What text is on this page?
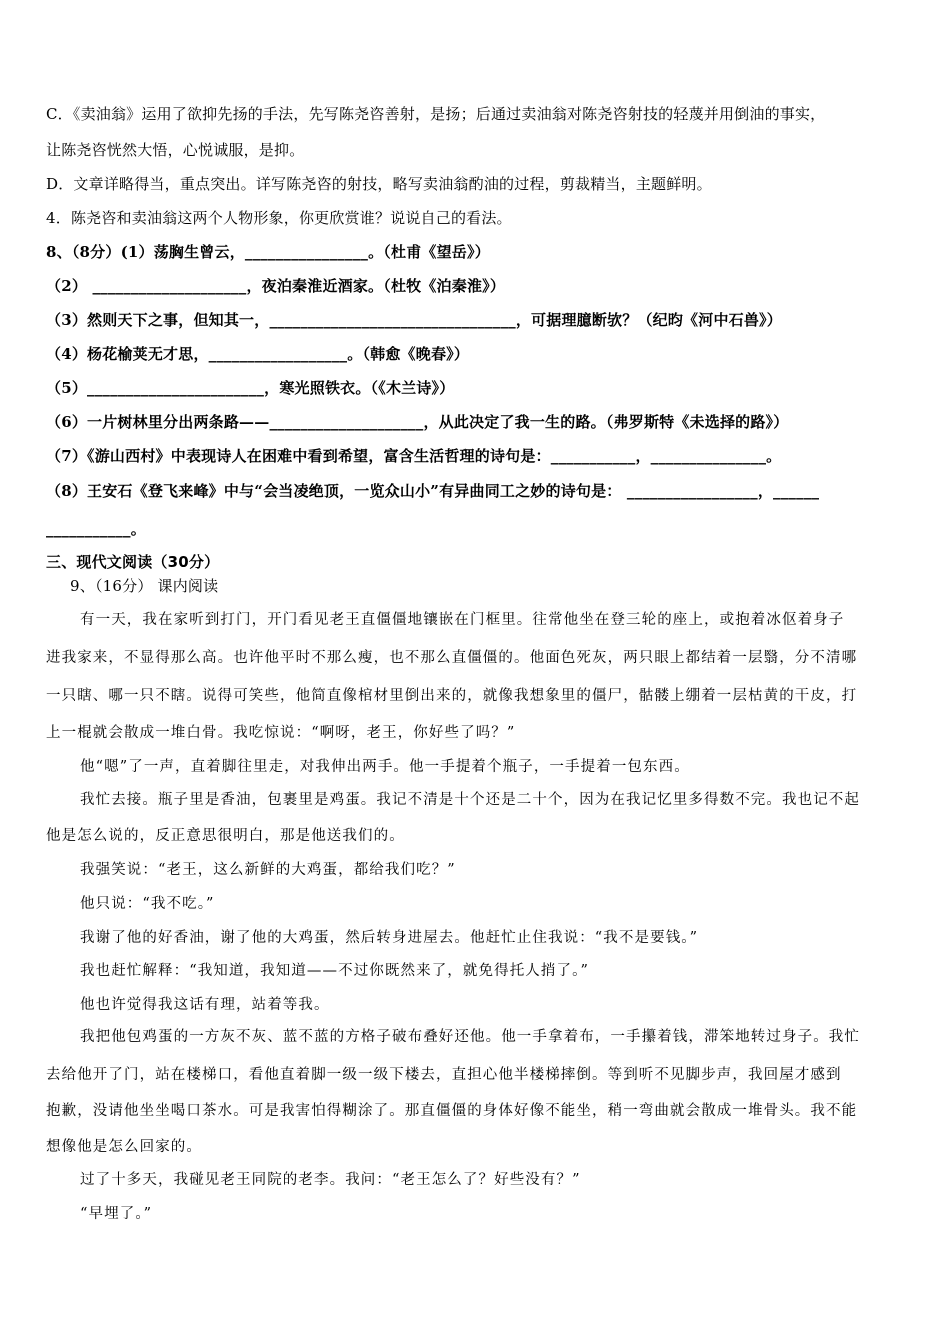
C．《卖油翁》运用了欲抑先扬的手法，先写陈尧咨善射，是扬；后通过卖油翁对陈尧咨射技的轻蔑并用倒油的事实，
让陈尧咨恍然大悟，心悦诚服，是抑。
D．文章详略得当，重点突出。详写陈尧咨的射技，略写卖油翁酌油的过程，剪裁精当，主题鲜明。
4．陈尧咨和卖油翁这两个人物形象，你更欣赏谁？说说自己的看法。
8、（8分）(1）荡胸生曾云，________________。（杜甫《望岳》）
（2） ____________________，夜泊秦淮近酒家。（杜牧《泊秦淮》）
（3）然则天下之事，但知其一，________________________________，可据理臆断欤？（纪昀《河中石兽》）
（4）杨花榆荚无才思，__________________。（韩愈《晚春》）
（5）_______________________，寒光照铁衣。（《木兰诗》）
（6）一片树林里分出两条路——____________________，从此决定了我一生的路。（弗罗斯特《未选择的路》）
（7）《游山西村》中表现诗人在困难中看到希望，富含生活哲理的诗句是：___________，_______________。
（8）王安石《登飞来峰》中与“会当凌绝顶，一览众山小”有异曲同工之妙的诗句是： _________________，______
___________。
三、现代文阅读（30分）
9、（16分） 课内阅读
有一天，我在家听到打门，开门看见老王直僵僵地镶嵌在门框里。往常他坐在登三轮的座上，或抱着冰伛着身子
进我家来，不显得那么高。也许他平时不那么瘦，也不那么直僵僵的。他面色死灰，两只眼上都结着一层翳，分不清哪
一只瞎、哪一只不瞎。说得可笑些，他简直像棺材里倒出来的，就像我想象里的僵尸，骷髅上绷着一层枯黄的干皮，打
上一棍就会散成一堆白骨。我吃惊说：“啊呀，老王，你好些了吗？”
他“嗯”了一声，直着脚往里走，对我伸出两手。他一手提着个瓶子，一手提着一包东西。
我忙去接。瓶子里是香油，包裹里是鸡蛋。我记不清是十个还是二十个，因为在我记忆里多得数不完。我也记不起
他是怎么说的，反正意思很明白，那是他送我们的。
我强笑说：“老王，这么新鲜的大鸡蛋，都给我们吃？”
他只说：“我不吃。”
我谢了他的好香油，谢了他的大鸡蛋，然后转身进屋去。他赶忙止住我说：“我不是要钱。”
我也赶忙解释：“我知道，我知道——不过你既然来了，就免得托人捎了。”
他也许觉得我这话有理，站着等我。
我把他包鸡蛋的一方灰不灰、蓝不蓝的方格子破布叠好还他。他一手拿着布，一手攥着钱，滞笨地转过身子。我忙
去给他开了门，站在楼梯口，看他直着脚一级一级下楼去，直担心他半楼梯摔倒。等到听不见脚步声，我回屋才感到
抱歉，没请他坐坐喝口茶水。可是我害怕得糊涂了。那直僵僵的身体好像不能坐，稍一弯曲就会散成一堆骨头。我不能
想像他是怎么回家的。
过了十多天，我碰见老王同院的老李。我问：“老王怎么了？好些没有？”
“早埋了。”
